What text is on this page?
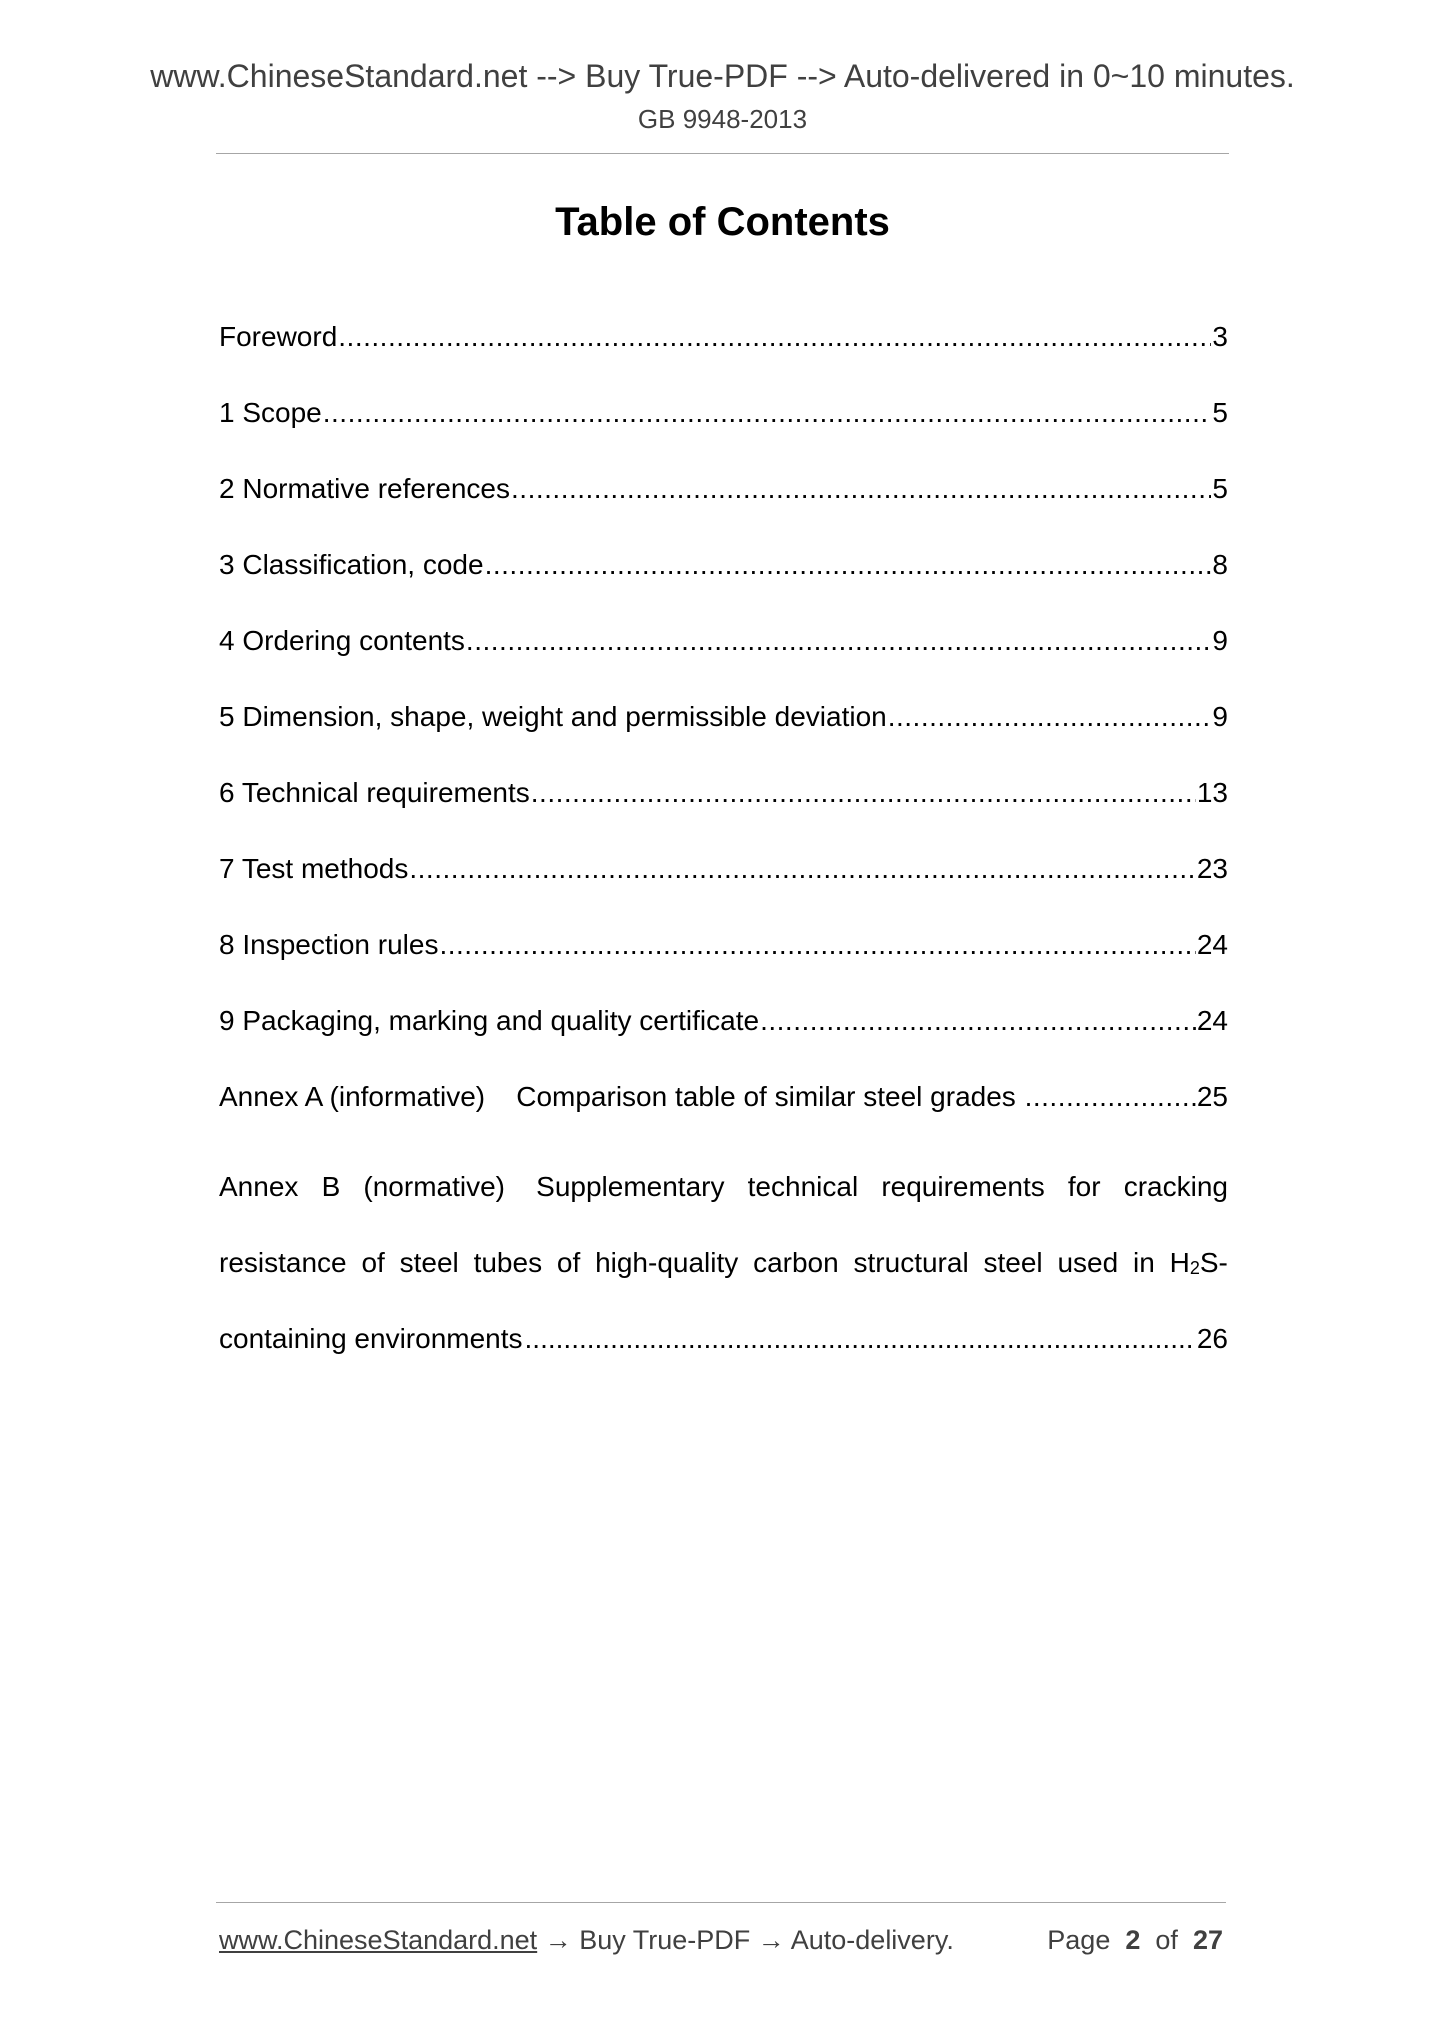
www.ChineseStandard.net --> Buy True-PDF --> Auto-delivered in 0~10 minutes.
GB 9948-2013
Table of Contents
Foreword .....	3
1 Scope .....	5
2 Normative references .....	5
3 Classification, code .....	8
4 Ordering contents .....	9
5 Dimension, shape, weight and permissible deviation .....	9
6 Technical requirements .....	13
7 Test methods .....	23
8 Inspection rules .....	24
9 Packaging, marking and quality certificate .....	24
Annex A (informative)    Comparison table of similar steel grades .....	25
Annex B (normative) Supplementary technical requirements for cracking
resistance of steel tubes of high-quality carbon structural steel used in $H_2S-$
containing environments .....	26
www.ChineseStandard.net → Buy True-PDF → Auto-delivery.	Page 2 of 27
